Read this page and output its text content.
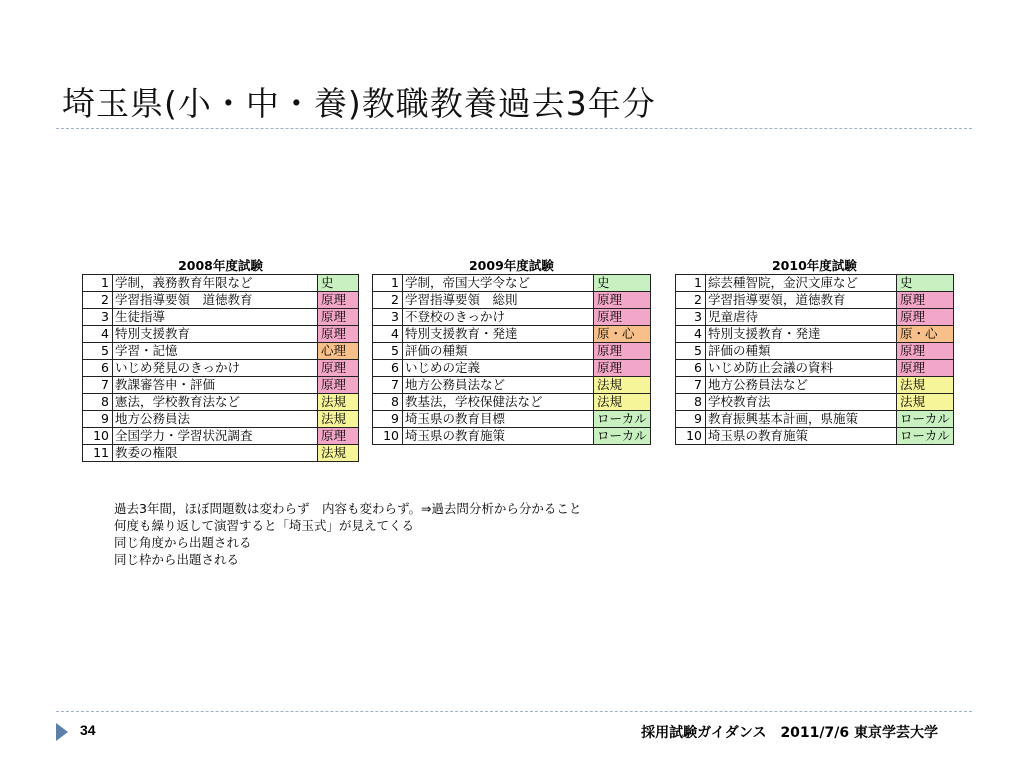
埼玉県(小・中・養)教職教養過去3年分
2008年度試験
1	学制，義務教育年限など	史
2	学習指導要領　道徳教育	原理
3	生徒指導	原理
4	特別支援教育	原理
5	学習・記憶	心理
6	いじめ発見のきっかけ	原理
7	教課審答申・評価	原理
8	憲法，学校教育法など	法規
9	地方公務員法	法規
10	全国学力・学習状況調査	原理
11	教委の権限	法規
2009年度試験
1	学制，帝国大学令など	史
2	学習指導要領　総則	原理
3	不登校のきっかけ	原理
4	特別支援教育・発達	原・心
5	評価の種類	原理
6	いじめの定義	原理
7	地方公務員法など	法規
8	教基法，学校保健法など	法規
9	埼玉県の教育目標	ローカル
10	埼玉県の教育施策	ローカル
2010年度試験
1	綜芸種智院，金沢文庫など	史
2	学習指導要領，道徳教育	原理
3	児童虐待	原理
4	特別支援教育・発達	原・心
5	評価の種類	原理
6	いじめ防止会議の資料	原理
7	地方公務員法など	法規
8	学校教育法	法規
9	教育振興基本計画，県施策	ローカル
10	埼玉県の教育施策	ローカル
過去3年間，ほぼ問題数は変わらず　内容も変わらず。⇒過去問分析から分かること
何度も繰り返して演習すると「埼玉式」が見えてくる
同じ角度から出題される
同じ枠から出題される
34	採用試験ガイダンス　2011/7/6 東京学芸大学
